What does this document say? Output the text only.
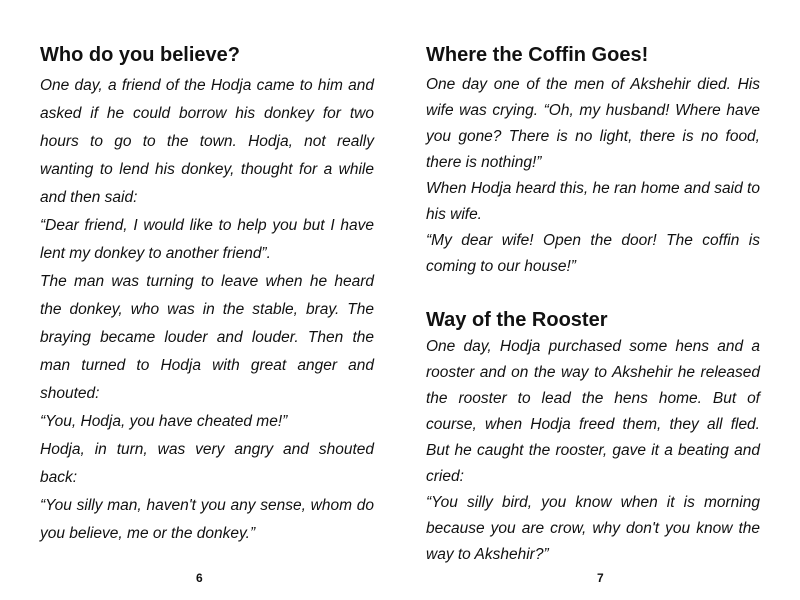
Who do you believe?

One day, a friend of the Hodja came to him and asked if he could borrow his donkey for two hours to go to the town. Hodja, not really wanting to lend his donkey, thought for a while and then said:

“Dear friend, I would like to help you but I have lent my donkey to another friend”.

The man was turning to leave when he heard the donkey, who was in the stable, bray. The braying became louder and louder. Then the man turned to Hodja with great anger and shouted:

“You, Hodja, you have cheated me!”

Hodja, in turn, was very angry and shouted back:

“You silly man, haven't you any sense, whom do you believe, me or the donkey.”

Where the Coffin Goes!

One day one of the men of Akshehir died. His wife was crying. “Oh, my husband! Where have you gone? There is no light, there is no food, there is nothing!”

When Hodja heard this, he ran home and said to his wife.

“My dear wife! Open the door! The coffin is coming to our house!”

Way of the Rooster

One day, Hodja purchased some hens and a rooster and on the way to Akshehir he released the rooster to lead the hens home. But of course, when Hodja freed them, they all fled. But he caught the rooster, gave it a beating and cried:

“You silly bird, you know when it is morning because you are crow, why don't you know the way to Akshehir?”

6	7
